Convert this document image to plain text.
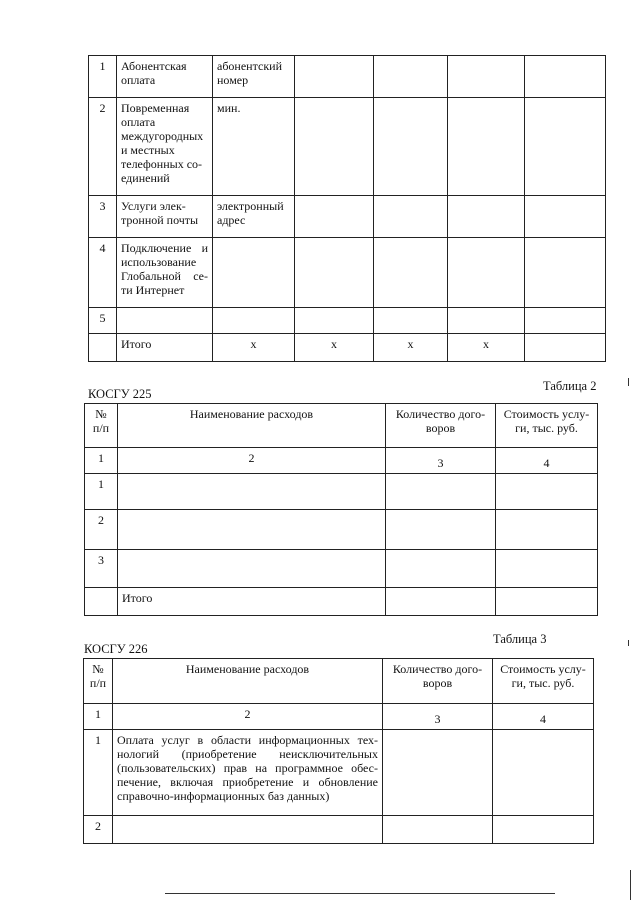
1	Абонентская оплата	абонентский номер				
2	Повременная оплата междугородных и местных телефонных со-единений	мин.				
3	Услуги элек-тронной почты	электронный адрес				
4	Подключение и использование Глобальной се-ти Интернет					
5						
	Итого	х	х	х	х	
КОСГУ 225
Таблица 2
№ п/п	Наименование расходов	Количество дого-воров	Стоимость услу-ги, тыс. руб.
1	2	3	4
1			
2			
3			
	Итого		
КОСГУ 226
Таблица 3
№ п/п	Наименование расходов	Количество дого-воров	Стоимость услу-ги, тыс. руб.
1	2	3	4
1	Оплата услуг в области информационных тех-нологий (приобретение неисключительных (пользовательских) прав на программное обес-печение, включая приобретение и обновление справочно-информационных баз данных)		
2			
